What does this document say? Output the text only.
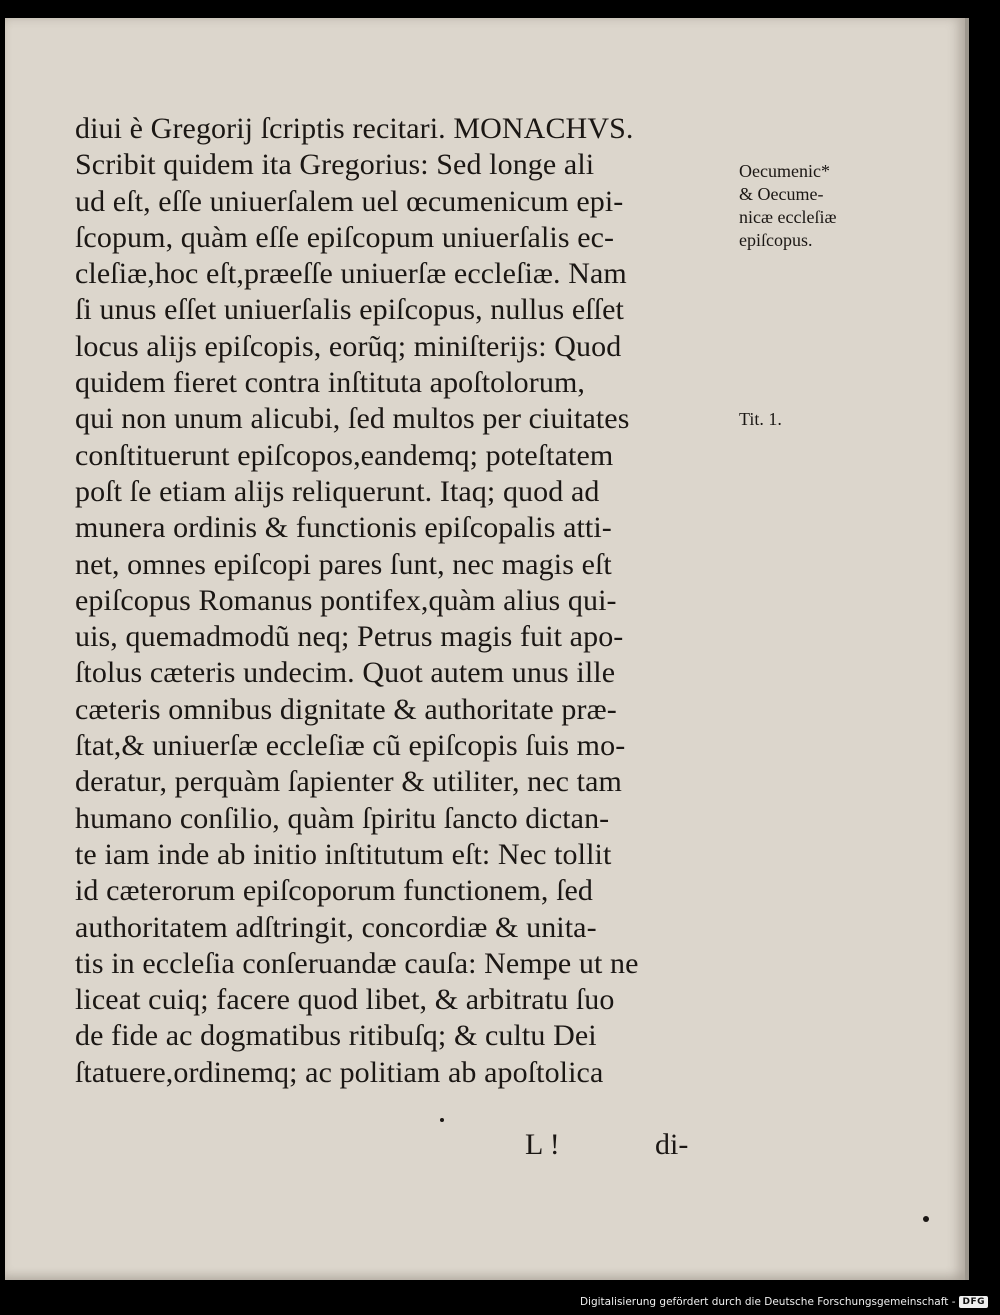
diui è Gregorij ſcriptis recitari. MONACHVS.
Scribit quidem ita Gregorius: Sed longe ali
ud eſt, eſſe uniuerſalem uel œcumenicum epi-
ſcopum, quàm eſſe epiſcopum uniuerſalis ec-
cleſiæ,hoc eſt,præeſſe uniuerſæ eccleſiæ. Nam
ſi unus eſſet uniuerſalis epiſcopus, nullus eſſet
locus alijs epiſcopis, eorũq; miniſterijs: Quod
quidem fieret contra inſtituta apoſtolorum,
qui non unum alicubi, ſed multos per ciuitates
conſtituerunt epiſcopos,eandemq; poteſtatem
poſt ſe etiam alijs reliquerunt. Itaq; quod ad
munera ordinis & functionis epiſcopalis atti-
net, omnes epiſcopi pares ſunt, nec magis eſt
epiſcopus Romanus pontifex,quàm alius qui-
uis, quemadmodũ neq; Petrus magis fuit apo-
ſtolus cæteris undecim. Quot autem unus ille
cæteris omnibus dignitate & authoritate præ-
ſtat,& uniuerſæ eccleſiæ cũ epiſcopis ſuis mo-
deratur, perquàm ſapienter & utiliter, nec tam
humano conſilio, quàm ſpiritu ſancto dictan-
te iam inde ab initio inſtitutum eſt: Nec tollit
id cæterorum epiſcoporum functionem, ſed
authoritatem adſtringit, concordiæ & unita-
tis in eccleſia conſeruandæ cauſa: Nempe ut ne
liceat cuiq; facere quod libet, & arbitratu ſuo
de fide ac dogmatibus ritibuſq; & cultu Dei
ſtatuere,ordinemq; ac politiam ab apoſtolica
Oecumenic*
& Oecume-
nicæ eccleſiæ
epiſcopus.
Tit. 1.
L !	di-
Digitalisierung gefördert durch die Deutsche Forschungsgemeinschaft - DFG
